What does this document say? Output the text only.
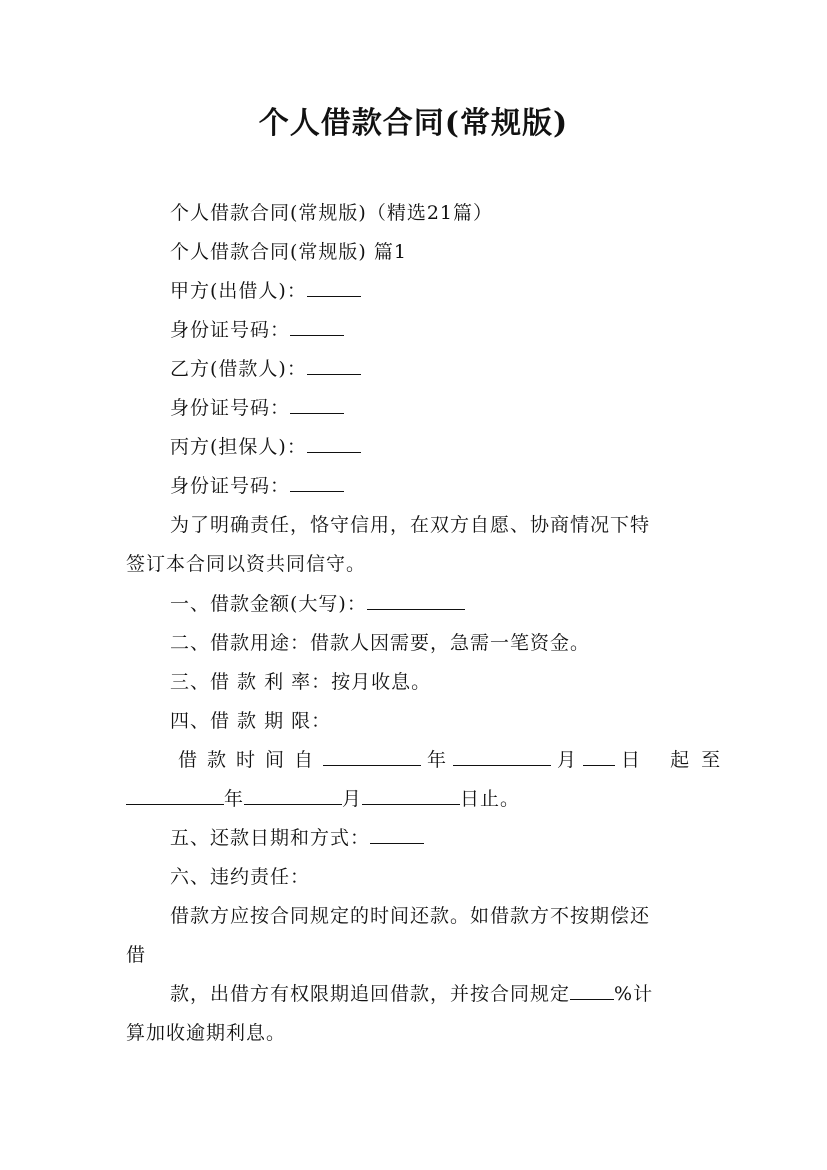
个人借款合同(常规版)
个人借款合同(常规版)（精选21篇）
个人借款合同(常规版) 篇1
甲方(出借人)：
身份证号码：
乙方(借款人)：
身份证号码：
丙方(担保人)：
身份证号码：
为了明确责任，恪守信用，在双方自愿、协商情况下特
签订本合同以资共同信守。
一、借款金额(大写)：
二、借款用途：借款人因需要，急需一笔资金。
三、借 款 利 率：按月收息。
四、借 款 期 限：
借款时间自	年	月 日 起至
年	月	日止。
五、还款日期和方式：
六、违约责任：
借款方应按合同规定的时间还款。如借款方不按期偿还
借
款，出借方有权限期追回借款，并按合同规定 %计
算加收逾期利息。
